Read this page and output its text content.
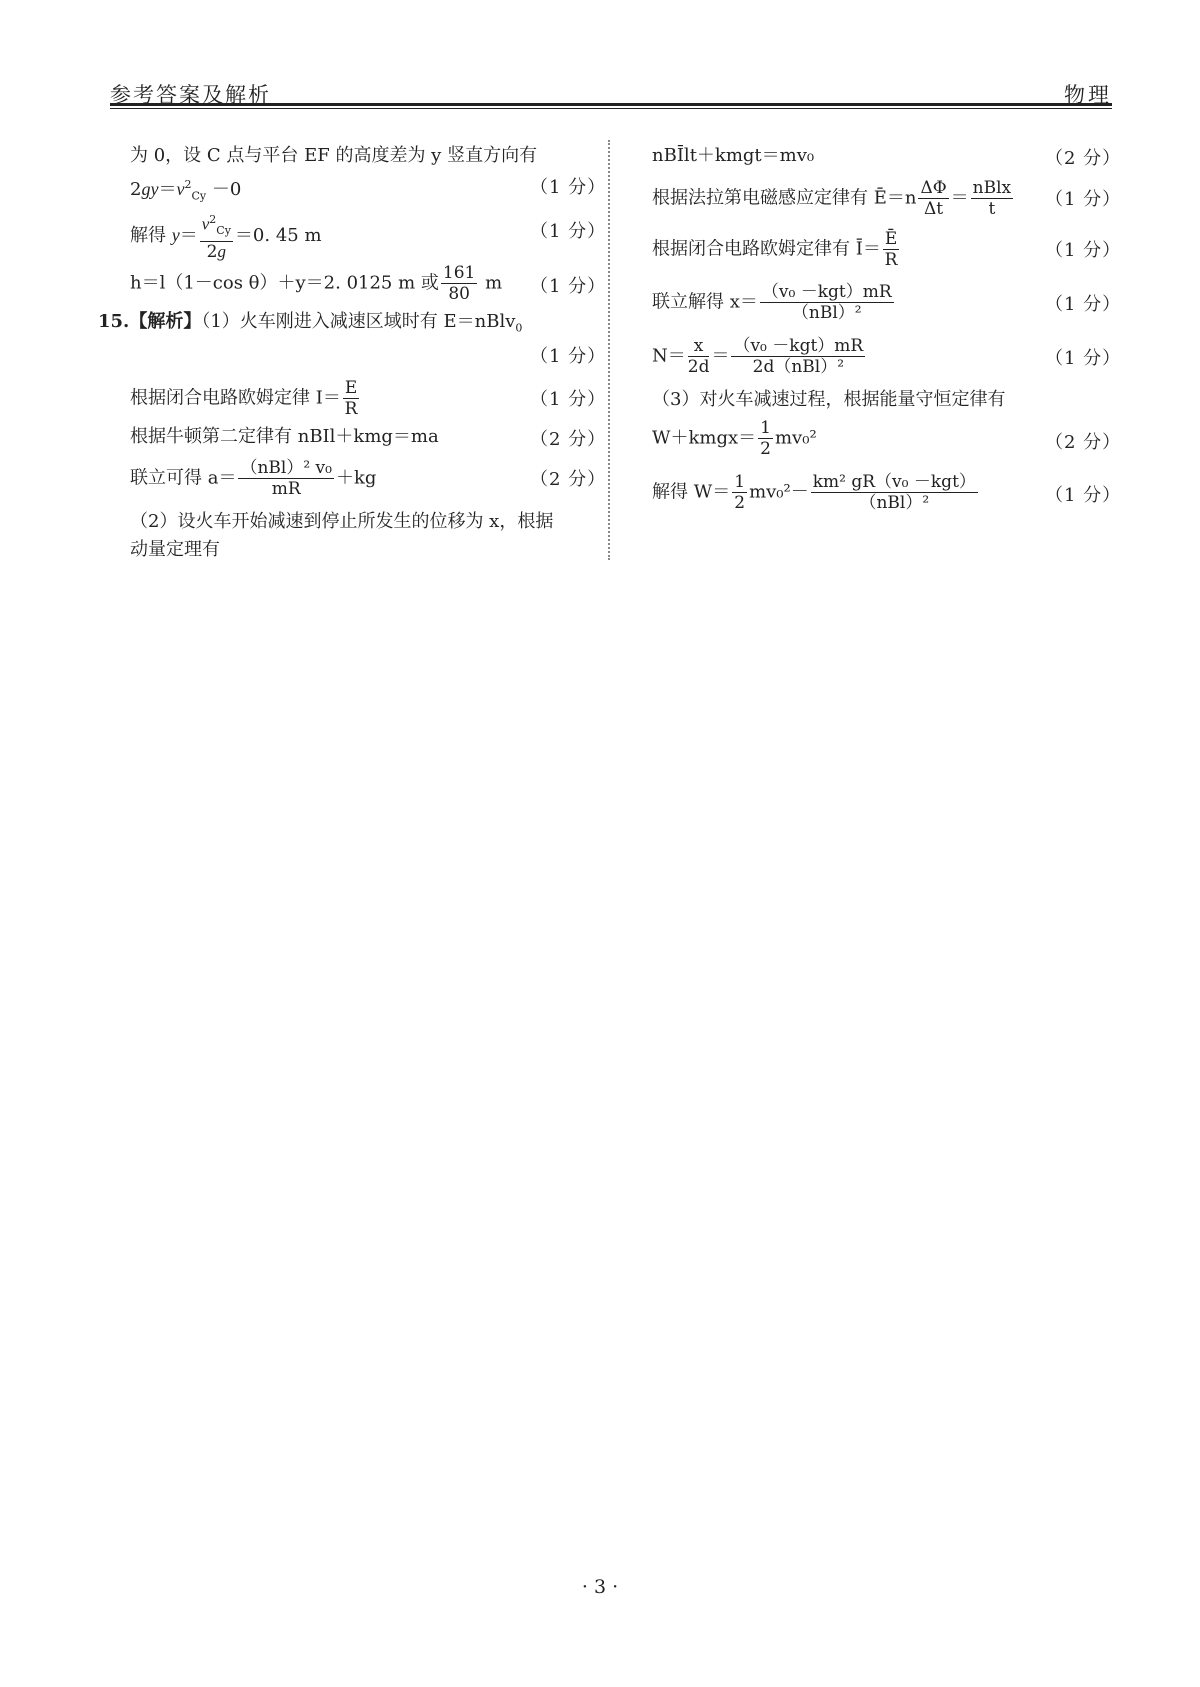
参考答案及解析	物理
为 0，设 C 点与平台 EF 的高度差为 y 竖直方向有
$2gy=v^2_{Cy} -0$	（1 分）
解得 $y= \frac{v^2_{Cy}}{2g} =0$. 45 m	（1 分）
h＝l（1－cos θ）＋y＝2. 0125 m 或 $\frac{161}{80}$ m （1 分）
15.【解析】（1）火车刚进入减速区域时有 E＝nBlv$_0$
（1 分）
根据闭合电路欧姆定律 $I= \frac{E}{R}$	（1 分）
根据牛顿第二定律有 nBIl＋kmg＝ma	（2 分）
联立可得 $a= \frac{\text{（nBl）² v₀}}{mR} +kg$	（2 分）
（2）设火车开始减速到停止所发生的位移为 x，根据
动量定理有
nBĪlt＋kmgt＝mv₀	（2 分）
根据法拉第电磁感应定律有 Ē＝n $\frac{\Delta\Phi}{\Delta t} = \frac{\text{nBlx}}{t} (1$ 分）
根据闭合电路欧姆定律有 Ī＝ $\frac{Ē}{R}$	（1 分）
联立解得 $x= \frac{\text{（v₀ －kgt）mR}}{\text{（nBl）²}}$	（1 分）
$N= \frac{x}{2d} = \frac{\text{（v₀ －kgt）mR}}{\text{2d（nBl）²}}$	（1 分）
（3）对火车减速过程，根据能量守恒定律有
W＋kmgx＝ $\frac{1}{2} mv_0^2$	（2 分）
解得 $W= \frac{1}{2} mv_0^2- \frac{\text{km² gR（v₀ －kgt）}}{\text{（nBl）²}}$	（1 分）
· 3 ·
